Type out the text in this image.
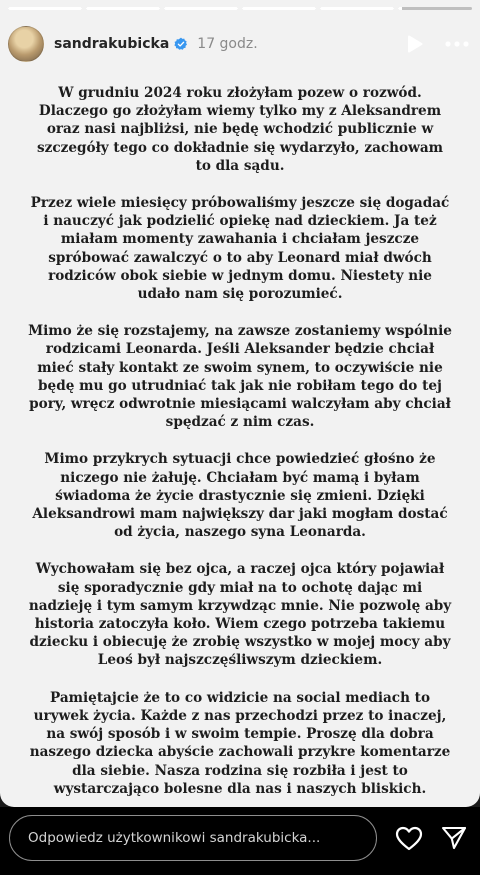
sandrakubicka 17 godz.

W grudniu 2024 roku złożyłam pozew o rozwód. Dlaczego go złożyłam wiemy tylko my z Aleksandrem oraz nasi najbliżsi, nie będę wchodzić publicznie w szczegóły tego co dokładnie się wydarzyło, zachowam to dla sądu.

Przez wiele miesięcy próbowaliśmy jeszcze się dogadać i nauczyć jak podzielić opiekę nad dzieckiem. Ja też miałam momenty zawahania i chciałam jeszcze spróbować zawalczyć o to aby Leonard miał dwóch rodziców obok siebie w jednym domu. Niestety nie udało nam się porozumieć.

Mimo że się rozstajemy, na zawsze zostaniemy wspólnie rodzicami Leonarda. Jeśli Aleksander będzie chciał mieć stały kontakt ze swoim synem, to oczywiście nie będę mu go utrudniać tak jak nie robiłam tego do tej pory, wręcz odwrotnie miesiącami walczyłam aby chciał spędzać z nim czas.

Mimo przykrych sytuacji chce powiedzieć głośno że niczego nie żałuję. Chciałam być mamą i byłam świadoma że życie drastycznie się zmieni. Dzięki Aleksandrowi mam największy dar jaki mogłam dostać od życia, naszego syna Leonarda.

Wychowałam się bez ojca, a raczej ojca który pojawiał się sporadycznie gdy miał na to ochotę dając mi nadzieję i tym samym krzywdząc mnie. Nie pozwolę aby historia zatoczyła koło. Wiem czego potrzeba takiemu dziecku i obiecuję że zrobię wszystko w mojej mocy aby Leoś był najszczęśliwszym dzieckiem.

Pamiętajcie że to co widzicie na social mediach to urywek życia. Każde z nas przechodzi przez to inaczej, na swój sposób i w swoim tempie. Proszę dla dobra naszego dziecka abyście zachowali przykre komentarze dla siebie. Nasza rodzina się rozbiła i jest to wystarczająco bolesne dla nas i naszych bliskich.

Odpowiedz użytkownikowi sandrakubicka...
